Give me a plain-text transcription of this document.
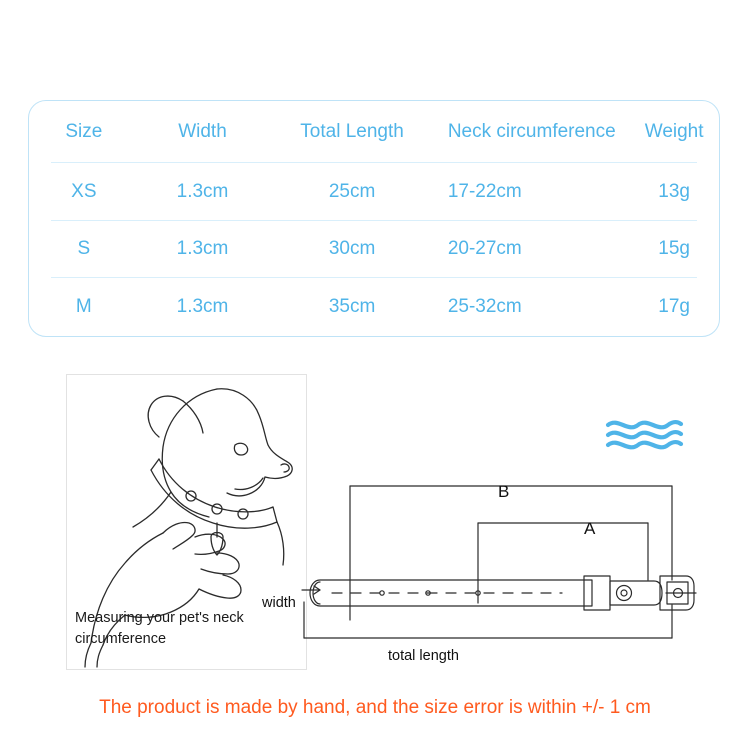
Size	Width	Total Length	Neck circumference	Weight
XS	1.3cm	25cm	17-22cm	13g
S	1.3cm	30cm	20-27cm	15g
M	1.3cm	35cm	25-32cm	17g
Measuring your pet's neck circumference
B
A
width
total length
The product is made by hand, and the size error is within +/- 1 cm
